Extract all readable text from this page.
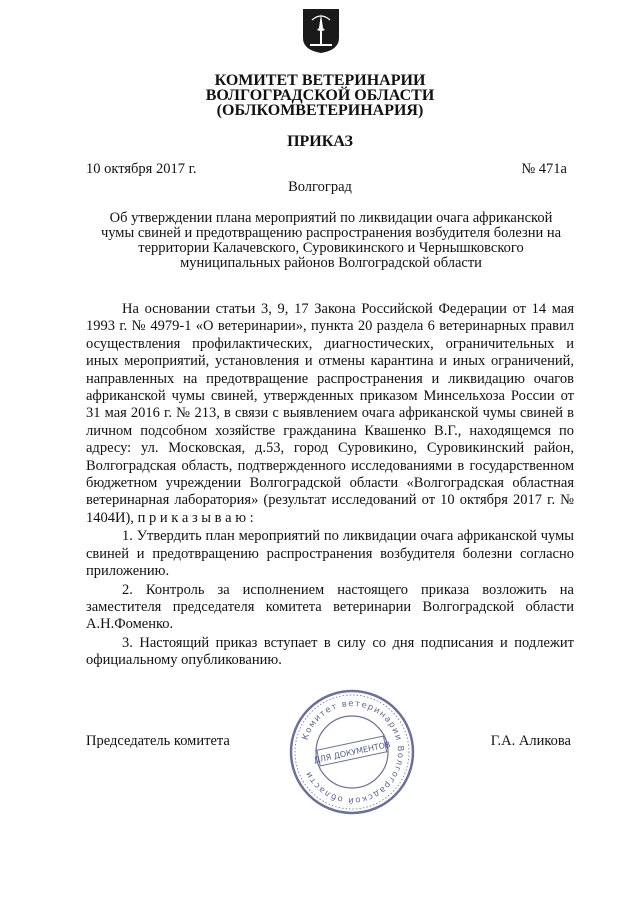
КОМИТЕТ ВЕТЕРИНАРИИ
ВОЛГОГРАДСКОЙ ОБЛАСТИ
(ОБЛКОМВЕТЕРИНАРИЯ)
ПРИКАЗ
10 октября 2017 г.	№ 471а
Волгоград
Об утверждении плана мероприятий по ликвидации очага африканской
чумы свиней и предотвращению распространения возбудителя болезни на
территории Калачевского, Суровикинского и Чернышковского
муниципальных районов Волгоградской области

На основании статьи 3, 9, 17 Закона Российской Федерации от 14 мая 1993 г. № 4979-1 «О ветеринарии», пункта 20 раздела 6 ветеринарных правил осуществления профилактических, диагностических, ограничительных и иных мероприятий, установления и отмены карантина и иных ограничений, направленных на предотвращение распространения и ликвидацию очагов африканской чумы свиней, утвержденных приказом Минсельхоза России от 31 мая 2016 г. № 213, в связи с выявлением очага африканской чумы свиней в личном подсобном хозяйстве гражданина Квашенко В.Г., находящемся по адресу: ул. Московская, д.53, город Суровикино, Суровикинский район, Волгоградская область, подтвержденного исследованиями в государственном бюджетном учреждении Волгоградской области «Волгоградская областная ветеринарная лаборатория» (результат исследований от 10 октября 2017 г. № 1404И), п р и к а з ы в а ю :

1. Утвердить план мероприятий по ликвидации очага африканской чумы свиней и предотвращению распространения возбудителя болезни согласно приложению.

2. Контроль за исполнением настоящего приказа возложить на заместителя председателя комитета ветеринарии Волгоградской области А.Н.Фоменко.

3. Настоящий приказ вступает в силу со дня подписания и подлежит официальному опубликованию.

Председатель комитета	Г.А. Аликова
Комитет ветеринарии Волгоградской области
ДЛЯ ДОКУМЕНТОВ
